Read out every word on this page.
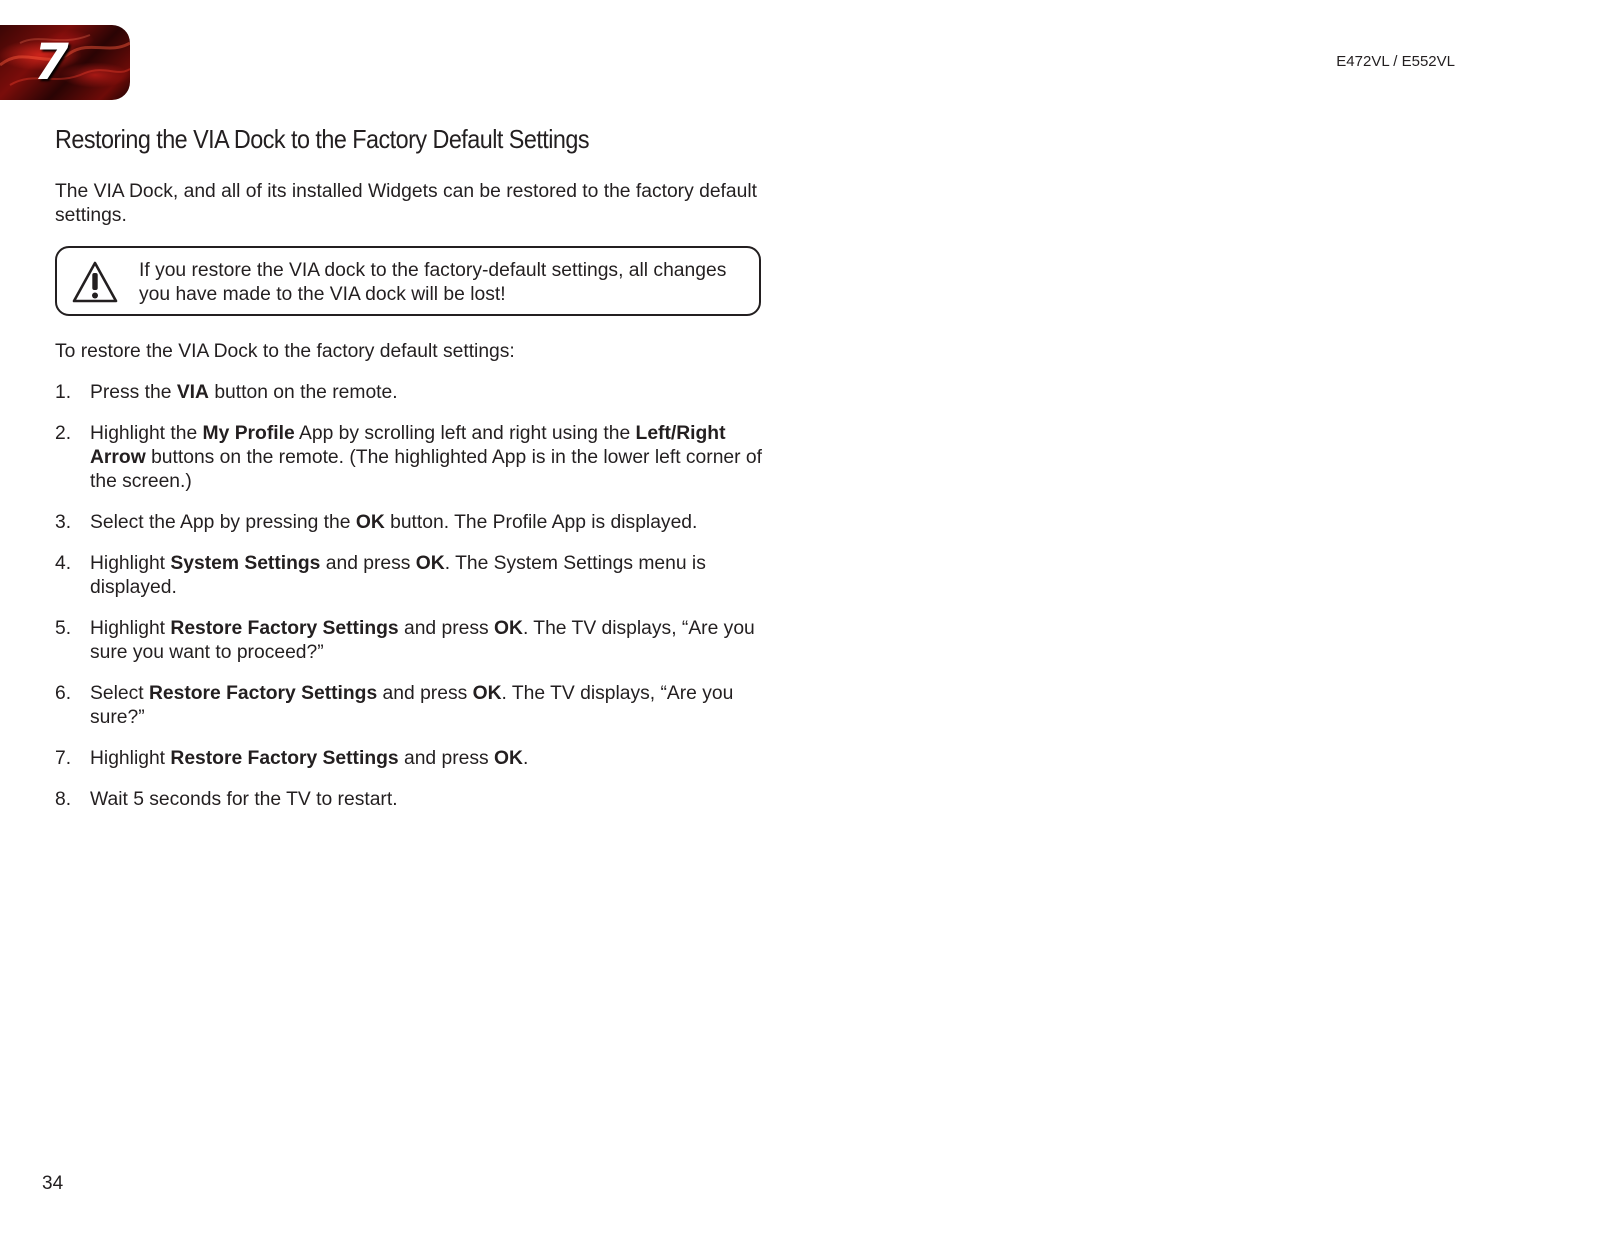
7	E472VL / E552VL
Restoring the VIA Dock to the Factory Default Settings

The VIA Dock, and all of its installed Widgets can be restored to the factory default settings.

If you restore the VIA dock to the factory-default settings, all changes you have made to the VIA dock will be lost!

To restore the VIA Dock to the factory default settings:

1. Press the VIA button on the remote.
2. Highlight the My Profile App by scrolling left and right using the Left/Right Arrow buttons on the remote. (The highlighted App is in the lower left corner of the screen.)
3. Select the App by pressing the OK button. The Profile App is displayed.
4. Highlight System Settings and press OK. The System Settings menu is displayed.
5. Highlight Restore Factory Settings and press OK. The TV displays, “Are you sure you want to proceed?”
6. Select Restore Factory Settings and press OK. The TV displays, “Are you sure?”
7. Highlight Restore Factory Settings and press OK.
8. Wait 5 seconds for the TV to restart.
34
